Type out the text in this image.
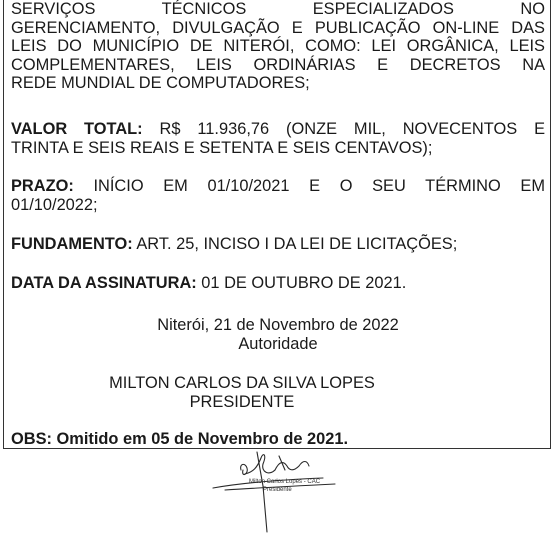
SERVIÇOS TÉCNICOS ESPECIALIZADOS NO
GERENCIAMENTO, DIVULGAÇÃO E PUBLICAÇÃO ON-LINE DAS
LEIS DO MUNICÍPIO DE NITERÓI, COMO: LEI ORGÂNICA, LEIS
COMPLEMENTARES, LEIS ORDINÁRIAS E DECRETOS NA
REDE MUNDIAL DE COMPUTADORES;
VALOR TOTAL: R$ 11.936,76 (ONZE MIL, NOVECENTOS E
TRINTA E SEIS REAIS E SETENTA E SEIS CENTAVOS);
PRAZO: INÍCIO EM 01/10/2021 E O SEU TÉRMINO EM
01/10/2022;
FUNDAMENTO: ART. 25, INCISO I DA LEI DE LICITAÇÕES;
DATA DA ASSINATURA: 01 DE OUTUBRO DE 2021.
Niterói, 21 de Novembro de 2022
Autoridade
MILTON CARLOS DA SILVA LOPES
PRESIDENTE
OBS: Omitido em 05 de Novembro de 2021.
Milton Carlos Lopes - CAC
Presidente
